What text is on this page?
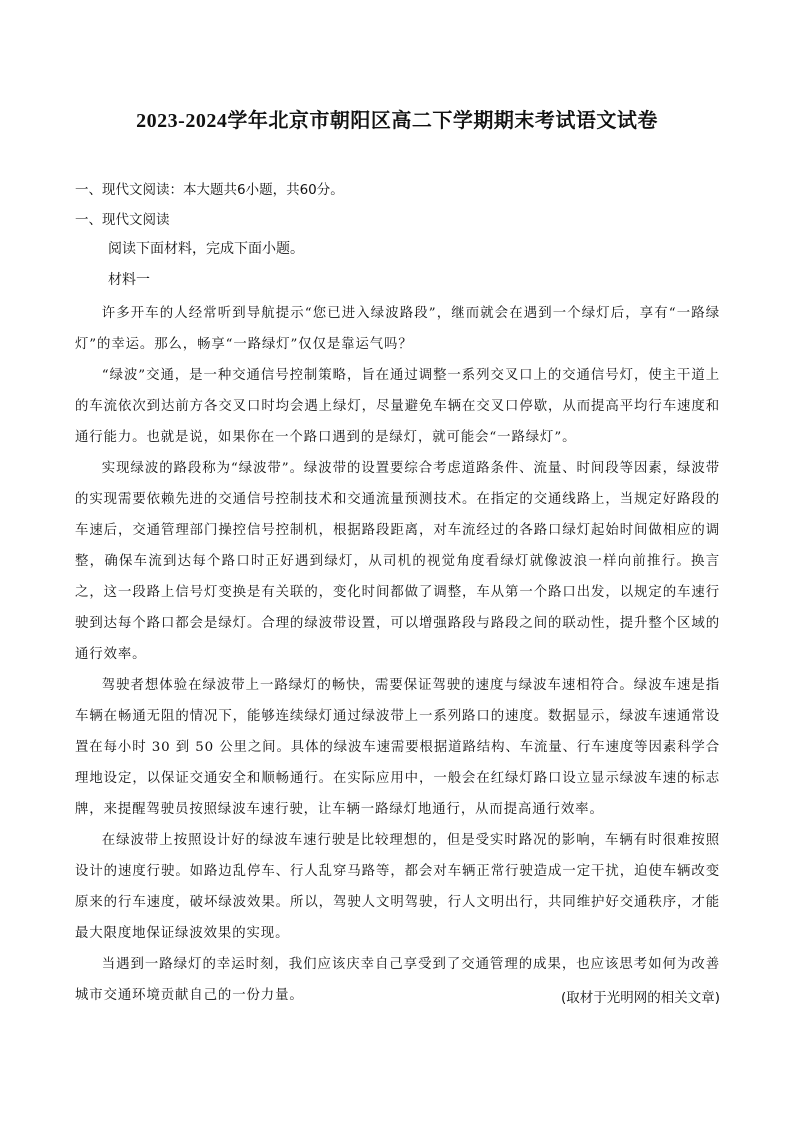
2023-2024学年北京市朝阳区高二下学期期末考试语文试卷
一、现代文阅读：本大题共6小题，共60分。
一、现代文阅读
阅读下面材料，完成下面小题。
材料一

许多开车的人经常听到导航提示“您已进入绿波路段”，继而就会在遇到一个绿灯后，享有“一路绿灯”的幸运。那么，畅享“一路绿灯”仅仅是靠运气吗？

“绿波”交通，是一种交通信号控制策略，旨在通过调整一系列交叉口上的交通信号灯，使主干道上的车流依次到达前方各交叉口时均会遇上绿灯，尽量避免车辆在交叉口停歇，从而提高平均行车速度和通行能力。也就是说，如果你在一个路口遇到的是绿灯，就可能会“一路绿灯”。

实现绿波的路段称为“绿波带”。绿波带的设置要综合考虑道路条件、流量、时间段等因素，绿波带的实现需要依赖先进的交通信号控制技术和交通流量预测技术。在指定的交通线路上，当规定好路段的车速后，交通管理部门操控信号控制机，根据路段距离，对车流经过的各路口绿灯起始时间做相应的调整，确保车流到达每个路口时正好遇到绿灯，从司机的视觉角度看绿灯就像波浪一样向前推行。换言之，这一段路上信号灯变换是有关联的，变化时间都做了调整，车从第一个路口出发，以规定的车速行驶到达每个路口都会是绿灯。合理的绿波带设置，可以增强路段与路段之间的联动性，提升整个区域的通行效率。

驾驶者想体验在绿波带上一路绿灯的畅快，需要保证驾驶的速度与绿波车速相符合。绿波车速是指车辆在畅通无阻的情况下，能够连续绿灯通过绿波带上一系列路口的速度。数据显示，绿波车速通常设置在每小时 30 到 50 公里之间。具体的绿波车速需要根据道路结构、车流量、行车速度等因素科学合理地设定，以保证交通安全和顺畅通行。在实际应用中，一般会在红绿灯路口设立显示绿波车速的标志牌，来提醒驾驶员按照绿波车速行驶，让车辆一路绿灯地通行，从而提高通行效率。

在绿波带上按照设计好的绿波车速行驶是比较理想的，但是受实时路况的影响，车辆有时很难按照设计的速度行驶。如路边乱停车、行人乱穿马路等，都会对车辆正常行驶造成一定干扰，迫使车辆改变原来的行车速度，破坏绿波效果。所以，驾驶人文明驾驶，行人文明出行，共同维护好交通秩序，才能最大限度地保证绿波效果的实现。

当遇到一路绿灯的幸运时刻，我们应该庆幸自己享受到了交通管理的成果，也应该思考如何为改善城市交通环境贡献自己的一份力量。	(取材于光明网的相关文章)
